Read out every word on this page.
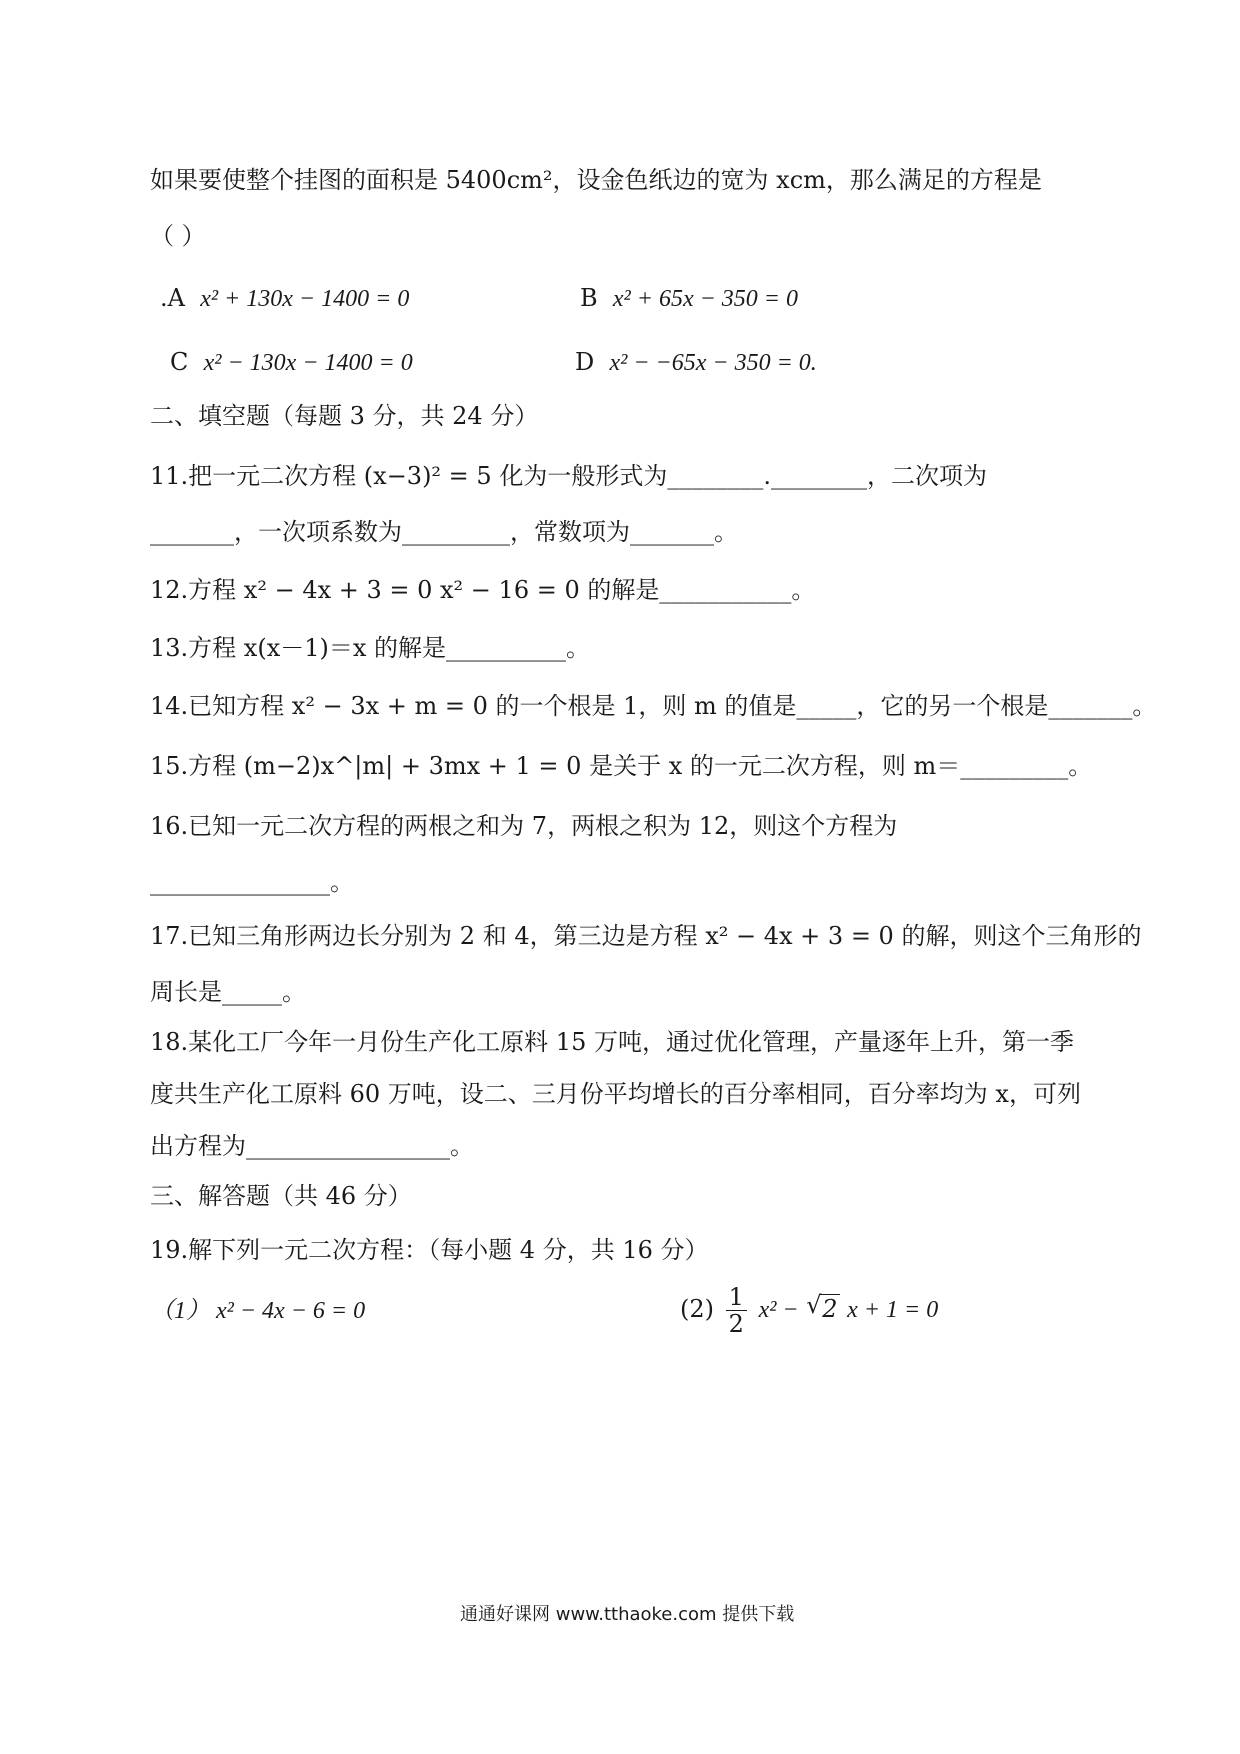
如果要使整个挂图的面积是 5400cm²，设金色纸边的宽为 xcm，那么满足的方程是
（ ）
.A x² + 130x − 1400 = 0	B x² + 65x − 350 = 0
C x² − 130x − 1400 = 0	D x² − −65x − 350 = 0.
二、填空题（每题 3 分，共 24 分）
11.把一元二次方程 (x−3)² = 5 化为一般形式为________.________，二次项为
_______，一次项系数为_________，常数项为_______。
12.方程 x² − 4x + 3 = 0 x² − 16 = 0 的解是___________。
13.方程 x(x－1)＝x 的解是__________。
14.已知方程 x² − 3x + m = 0 的一个根是 1，则 m 的值是_____，它的另一个根是_______。
15.方程 (m−2)x^|m| + 3mx + 1 = 0 是关于 x 的一元二次方程，则 m＝_________。
16.已知一元二次方程的两根之和为 7，两根之积为 12，则这个方程为
_______________。
17.已知三角形两边长分别为 2 和 4，第三边是方程 x² − 4x + 3 = 0 的解，则这个三角形的
周长是_____。
18.某化工厂今年一月份生产化工原料 15 万吨，通过优化管理，产量逐年上升，第一季
度共生产化工原料 60 万吨，设二、三月份平均增长的百分率相同，百分率均为 x，可列
出方程为_________________。
三、解答题（共 46 分）
19.解下列一元二次方程：（每小题 4 分，共 16 分）
（1） x² − 4x − 6 = 0	$(2) \frac{1}{2} x^2$ − √ 2 x + 1 = 0
通通好课网 www.tthaoke.com 提供下载
